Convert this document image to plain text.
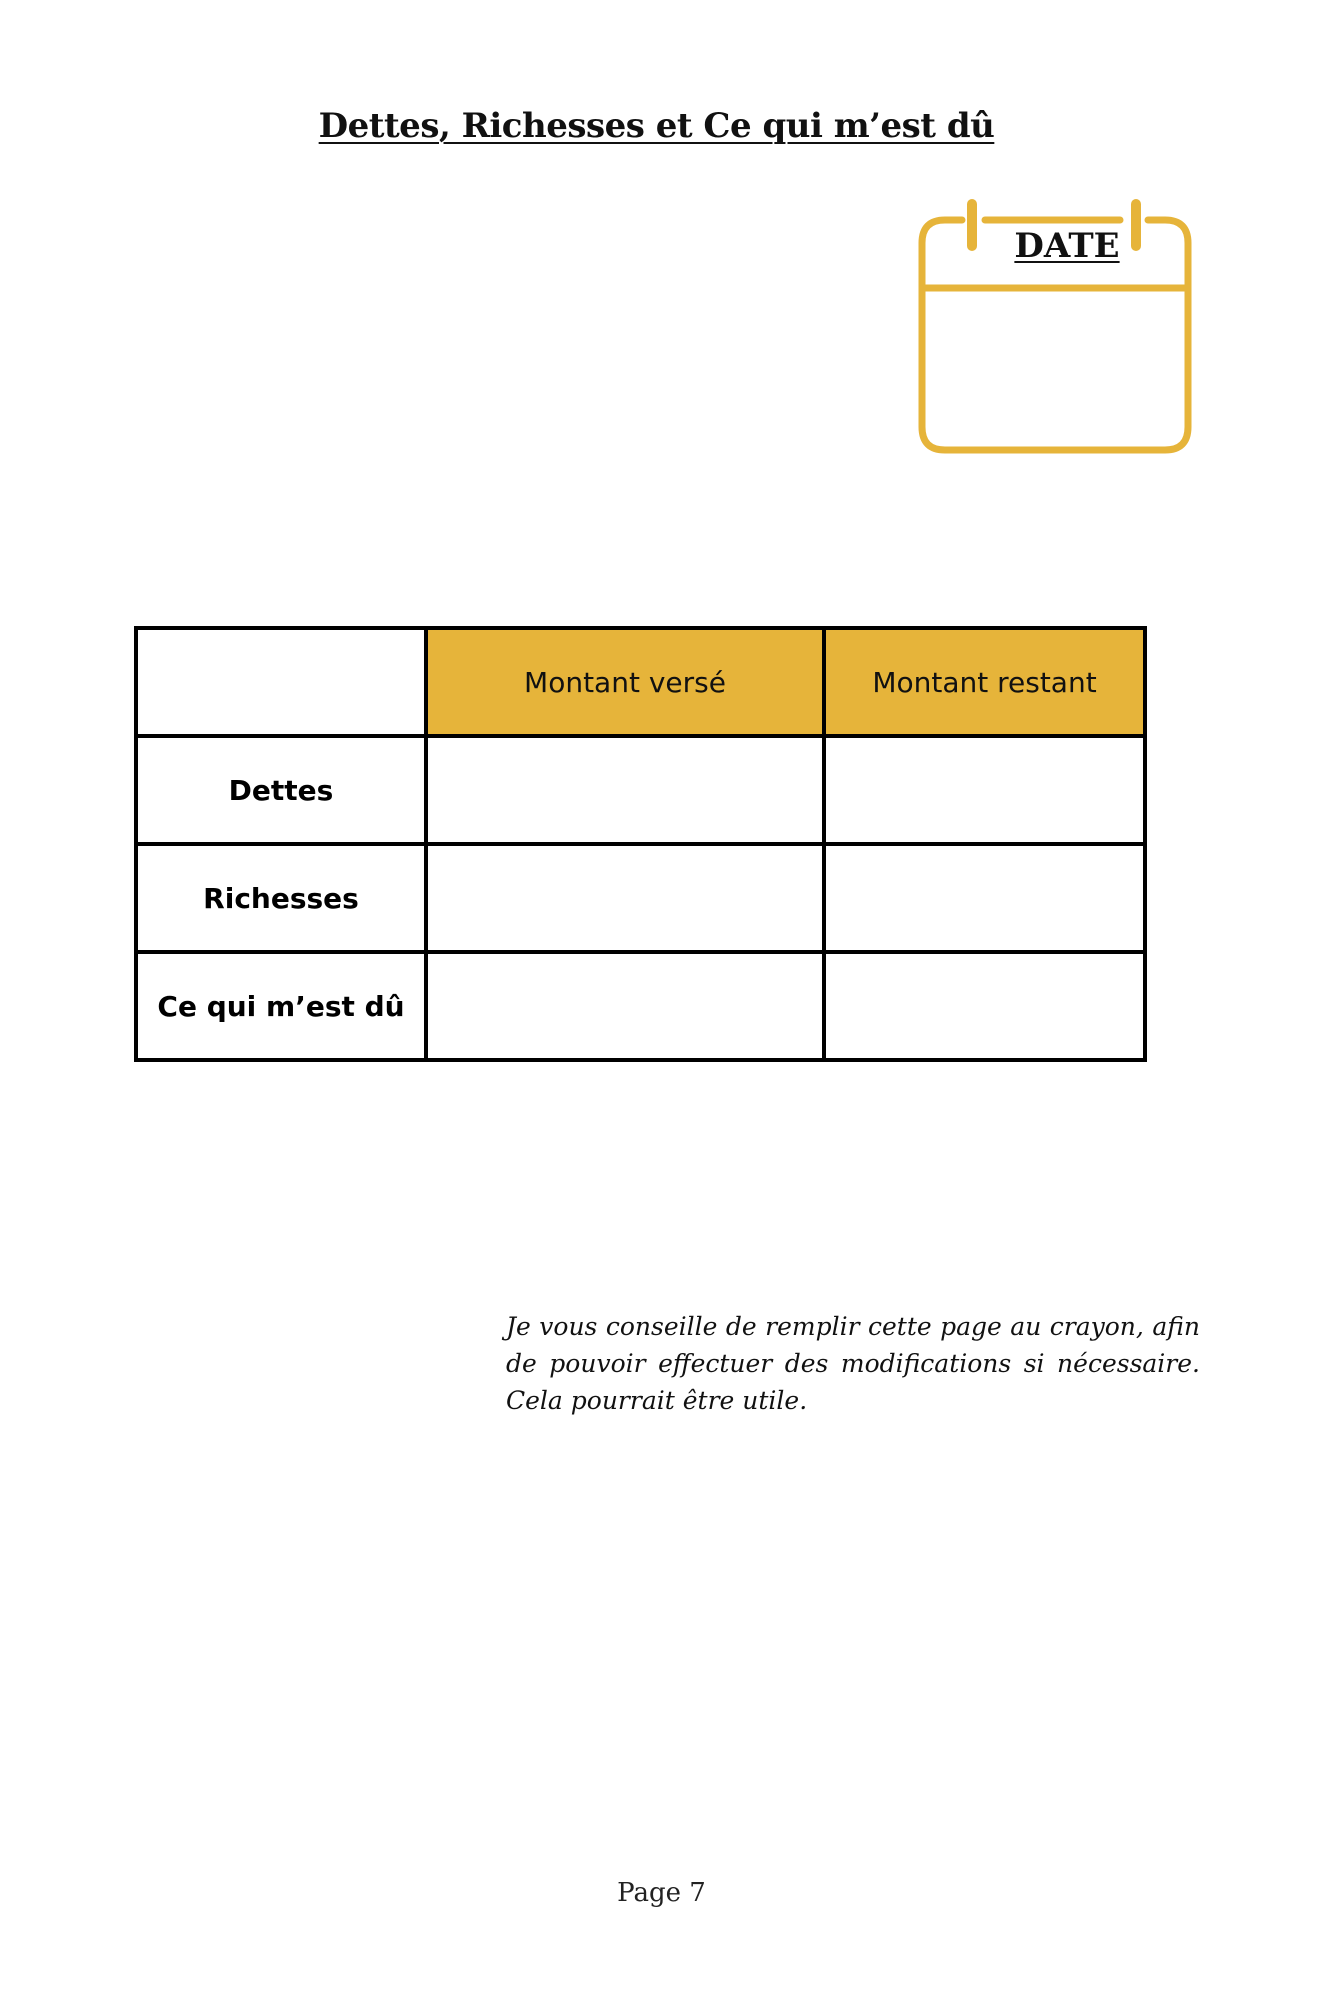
Dettes, Richesses et Ce qui m’est dû
DATE
	Montant versé	Montant restant
Dettes		
Richesses		
Ce qui m’est dû		

Je vous conseille de remplir cette page au crayon, afin de pouvoir effectuer des modifications si nécessaire. Cela pourrait être utile.

Page 7
